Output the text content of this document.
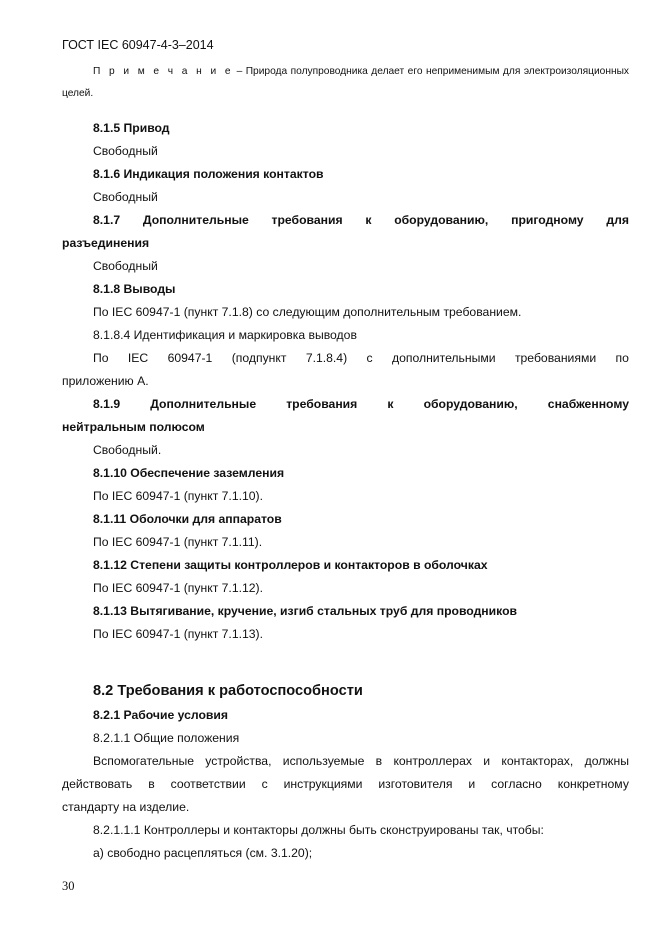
ГОСТ IEC 60947-4-3–2014
П р и м е ч а н и е – Природа полупроводника делает его неприменимым для электроизоляционных целей.
8.1.5 Привод
Свободный
8.1.6 Индикация положения контактов
Свободный
8.1.7 Дополнительные требования к оборудованию, пригодному для
разъединения
Свободный
8.1.8 Выводы
По IEC 60947-1 (пункт 7.1.8) со следующим дополнительным требованием.
8.1.8.4 Идентификация и маркировка выводов
По IEC 60947-1 (подпункт 7.1.8.4) с дополнительными требованиями по
приложению А.
8.1.9 Дополнительные требования к оборудованию, снабженному
нейтральным полюсом
Свободный.
8.1.10 Обеспечение заземления
По IEC 60947-1 (пункт 7.1.10).
8.1.11 Оболочки для аппаратов
По IEC 60947-1 (пункт 7.1.11).
8.1.12 Степени защиты контроллеров и контакторов в оболочках
По IEC 60947-1 (пункт 7.1.12).
8.1.13 Вытягивание, кручение, изгиб стальных труб для проводников
По IEC 60947-1 (пункт 7.1.13).
8.2 Требования к работоспособности
8.2.1 Рабочие условия
8.2.1.1 Общие положения
Вспомогательные устройства, используемые в контроллерах и контакторах, должны
действовать в соответствии с инструкциями изготовителя и согласно конкретному
стандарту на изделие.
8.2.1.1.1 Контроллеры и контакторы должны быть сконструированы так, чтобы:
а) свободно расцепляться (см. 3.1.20);
30
